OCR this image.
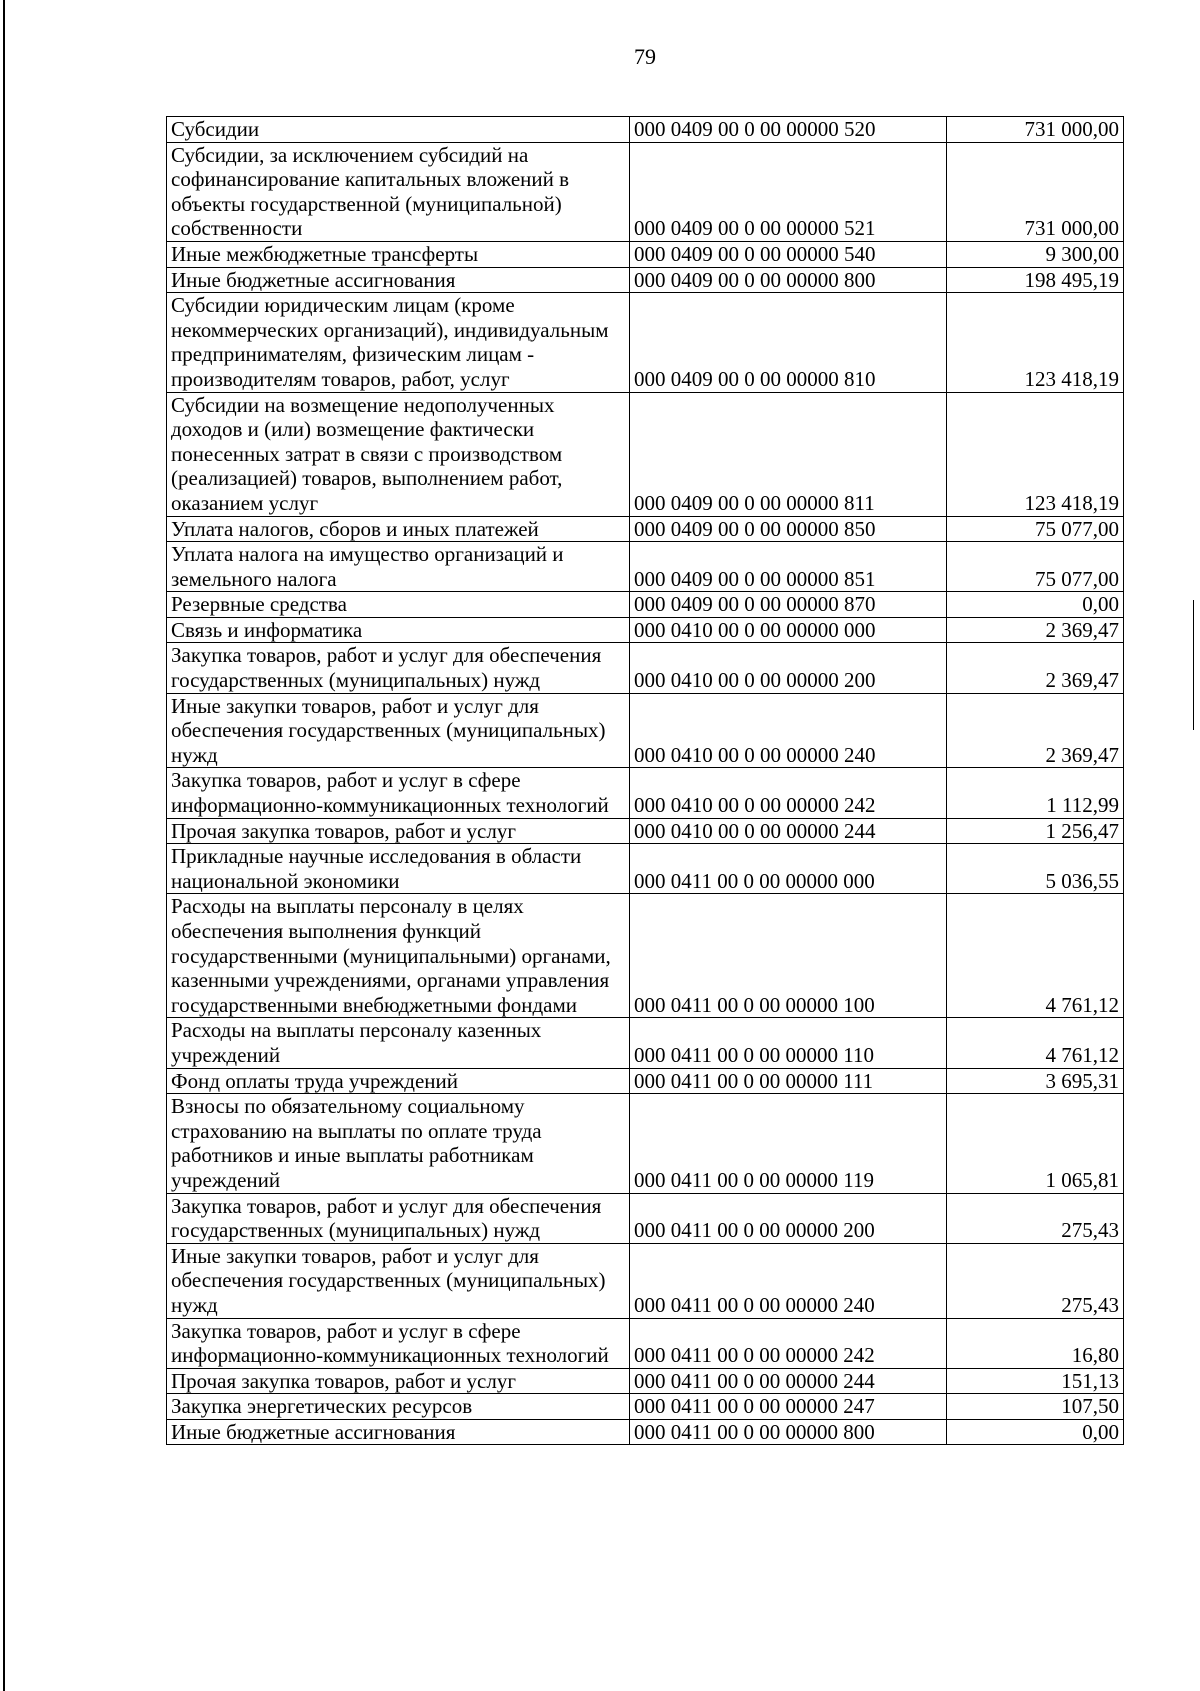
79
Субсидии	000 0409 00 0 00 00000 520	731 000,00
Субсидии, за исключением субсидий на софинансирование капитальных вложений в объекты государственной (муниципальной) собственности	000 0409 00 0 00 00000 521	731 000,00
Иные межбюджетные трансферты	000 0409 00 0 00 00000 540	9 300,00
Иные бюджетные ассигнования	000 0409 00 0 00 00000 800	198 495,19
Субсидии юридическим лицам (кроме некоммерческих организаций), индивидуальным предпринимателям, физическим лицам - производителям товаров, работ, услуг	000 0409 00 0 00 00000 810	123 418,19
Субсидии на возмещение недополученных доходов и (или) возмещение фактически понесенных затрат в связи с производством (реализацией) товаров, выполнением работ, оказанием услуг	000 0409 00 0 00 00000 811	123 418,19
Уплата налогов, сборов и иных платежей	000 0409 00 0 00 00000 850	75 077,00
Уплата налога на имущество организаций и земельного налога	000 0409 00 0 00 00000 851	75 077,00
Резервные средства	000 0409 00 0 00 00000 870	0,00
Связь и информатика	000 0410 00 0 00 00000 000	2 369,47
Закупка товаров, работ и услуг для обеспечения государственных (муниципальных) нужд	000 0410 00 0 00 00000 200	2 369,47
Иные закупки товаров, работ и услуг для обеспечения государственных (муниципальных) нужд	000 0410 00 0 00 00000 240	2 369,47
Закупка товаров, работ и услуг в сфере информационно-коммуникационных технологий	000 0410 00 0 00 00000 242	1 112,99
Прочая закупка товаров, работ и услуг	000 0410 00 0 00 00000 244	1 256,47
Прикладные научные исследования в области национальной экономики	000 0411 00 0 00 00000 000	5 036,55
Расходы на выплаты персоналу в целях обеспечения выполнения функций государственными (муниципальными) органами, казенными учреждениями, органами управления государственными внебюджетными фондами	000 0411 00 0 00 00000 100	4 761,12
Расходы на выплаты персоналу казенных учреждений	000 0411 00 0 00 00000 110	4 761,12
Фонд оплаты труда учреждений	000 0411 00 0 00 00000 111	3 695,31
Взносы по обязательному социальному страхованию на выплаты по оплате труда работников и иные выплаты работникам учреждений	000 0411 00 0 00 00000 119	1 065,81
Закупка товаров, работ и услуг для обеспечения государственных (муниципальных) нужд	000 0411 00 0 00 00000 200	275,43
Иные закупки товаров, работ и услуг для обеспечения государственных (муниципальных) нужд	000 0411 00 0 00 00000 240	275,43
Закупка товаров, работ и услуг в сфере информационно-коммуникационных технологий	000 0411 00 0 00 00000 242	16,80
Прочая закупка товаров, работ и услуг	000 0411 00 0 00 00000 244	151,13
Закупка энергетических ресурсов	000 0411 00 0 00 00000 247	107,50
Иные бюджетные ассигнования	000 0411 00 0 00 00000 800	0,00
